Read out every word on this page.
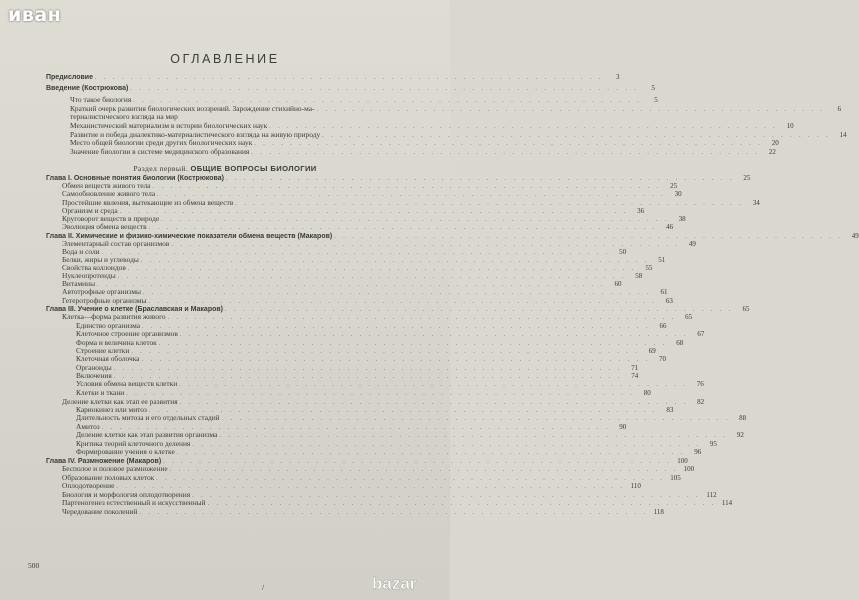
иван
ОГЛАВЛЕНИЕ
Раздел первый. ОБЩИЕ ВОПРОСЫ БИОЛОГИИ
Предисловие . . . . . . . . . . . . . . . . . . . . . . . . . . . . . . . . . . . . . . . . . . . . . . . . . . . . . . . . .	3
Введение (Кострюкова) . . . . . . . . . . . . . . . . . . . . . . . . . . . . . . . . . . . . . . . . . . . . . . . . . . . . . . . . .	5
Что такое биология . . . . . . . . . . . . . . . . . . . . . . . . . . . . . . . . . . . . . . . . . . . . . . . . . . . . . . . . .	5
Краткий очерк развития биологических воззрений. Зарождение стихийно-ма- . . . . . . . . . . . . . . . . . . . . . . . . . . . . . . . . . . . . . . . . . . . . . . . . . . . . . . . . .	6
териалистического взгляда на мир
Механистический материализм в истории биологических наук . . . . . . . . . . . . . . . . . . . . . . . . . . . . . . . . . . . . . . . . . . . . . . . . . . . . . . . . .	10
Развитие и победа диалектико-материалистического взгляда на живую природу . . . . . . . . . . . . . . . . . . . . . . . . . . . . . . . . . . . . . . . . . . . . . . . . . . . . . . . . .	14
Место общей биологии среди других биологических наук . . . . . . . . . . . . . . . . . . . . . . . . . . . . . . . . . . . . . . . . . . . . . . . . . . . . . . . . .	20
Значение биологии в системе медицинского образования . . . . . . . . . . . . . . . . . . . . . . . . . . . . . . . . . . . . . . . . . . . . . . . . . . . . . . . . .	22
Глава I. Основные понятия биологии (Кострюкова) . . . . . . . . . . . . . . . . . . . . . . . . . . . . . . . . . . . . . . . . . . . . . . . . . . . . . . . . .	25
Обмен веществ живого тела . . . . . . . . . . . . . . . . . . . . . . . . . . . . . . . . . . . . . . . . . . . . . . . . . . . . . . . . .	25
Самообновление живого тела . . . . . . . . . . . . . . . . . . . . . . . . . . . . . . . . . . . . . . . . . . . . . . . . . . . . . . . . .	30
Простейшие явления, вытекающие из обмена веществ . . . . . . . . . . . . . . . . . . . . . . . . . . . . . . . . . . . . . . . . . . . . . . . . . . . . . . . . .	34
Организм и среда . . . . . . . . . . . . . . . . . . . . . . . . . . . . . . . . . . . . . . . . . . . . . . . . . . . . . . . . .	36
Круговорот веществ в природе . . . . . . . . . . . . . . . . . . . . . . . . . . . . . . . . . . . . . . . . . . . . . . . . . . . . . . . . .	38
Эволюция обмена веществ . . . . . . . . . . . . . . . . . . . . . . . . . . . . . . . . . . . . . . . . . . . . . . . . . . . . . . . . .	46
Глава II. Химические и физико-химические показатели обмена веществ (Макаров) . . . . . . . . . . . . . . . . . . . . . . . . . . . . . . . . . . . . . . . . . . . . . . . . . . . . . . . . .	49
Элементарный состав организмов . . . . . . . . . . . . . . . . . . . . . . . . . . . . . . . . . . . . . . . . . . . . . . . . . . . . . . . . .	49
Вода и соли . . . . . . . . . . . . . . . . . . . . . . . . . . . . . . . . . . . . . . . . . . . . . . . . . . . . . . . . .	50
Белки, жиры и углеводы . . . . . . . . . . . . . . . . . . . . . . . . . . . . . . . . . . . . . . . . . . . . . . . . . . . . . . . . .	51
Свойства коллоидов . . . . . . . . . . . . . . . . . . . . . . . . . . . . . . . . . . . . . . . . . . . . . . . . . . . . . . . . .	55
Нуклеопротеиды . . . . . . . . . . . . . . . . . . . . . . . . . . . . . . . . . . . . . . . . . . . . . . . . . . . . . . . . .	58
Витамины . . . . . . . . . . . . . . . . . . . . . . . . . . . . . . . . . . . . . . . . . . . . . . . . . . . . . . . . .	60
Автотрофные организмы . . . . . . . . . . . . . . . . . . . . . . . . . . . . . . . . . . . . . . . . . . . . . . . . . . . . . . . . .	61
Гетеротрофные организмы . . . . . . . . . . . . . . . . . . . . . . . . . . . . . . . . . . . . . . . . . . . . . . . . . . . . . . . . .	63
Глава III. Учение о клетке (Браславская и Макаров) . . . . . . . . . . . . . . . . . . . . . . . . . . . . . . . . . . . . . . . . . . . . . . . . . . . . . . . . .	65
Клетка—форма развития живого . . . . . . . . . . . . . . . . . . . . . . . . . . . . . . . . . . . . . . . . . . . . . . . . . . . . . . . . .	65
Единство организма . . . . . . . . . . . . . . . . . . . . . . . . . . . . . . . . . . . . . . . . . . . . . . . . . . . . . . . . .	66
Клеточное строение организмов . . . . . . . . . . . . . . . . . . . . . . . . . . . . . . . . . . . . . . . . . . . . . . . . . . . . . . . . .	67
Форма и величина клеток . . . . . . . . . . . . . . . . . . . . . . . . . . . . . . . . . . . . . . . . . . . . . . . . . . . . . . . . .	68
Строение клетки . . . . . . . . . . . . . . . . . . . . . . . . . . . . . . . . . . . . . . . . . . . . . . . . . . . . . . . . .	69
Клеточная оболочка . . . . . . . . . . . . . . . . . . . . . . . . . . . . . . . . . . . . . . . . . . . . . . . . . . . . . . . . .	70
Органоиды . . . . . . . . . . . . . . . . . . . . . . . . . . . . . . . . . . . . . . . . . . . . . . . . . . . . . . . . .	71
Включения . . . . . . . . . . . . . . . . . . . . . . . . . . . . . . . . . . . . . . . . . . . . . . . . . . . . . . . . .	74
Условия обмена веществ клетки . . . . . . . . . . . . . . . . . . . . . . . . . . . . . . . . . . . . . . . . . . . . . . . . . . . . . . . . .	76
Клетки и ткани . . . . . . . . . . . . . . . . . . . . . . . . . . . . . . . . . . . . . . . . . . . . . . . . . . . . . . . . .	80
Деление клетки как этап ее развития . . . . . . . . . . . . . . . . . . . . . . . . . . . . . . . . . . . . . . . . . . . . . . . . . . . . . . . . .	82
Кариокинез или митоз . . . . . . . . . . . . . . . . . . . . . . . . . . . . . . . . . . . . . . . . . . . . . . . . . . . . . . . . .	83
Длительность митоза и его отдельных стадий . . . . . . . . . . . . . . . . . . . . . . . . . . . . . . . . . . . . . . . . . . . . . . . . . . . . . . . . .	88
Амитоз . . . . . . . . . . . . . . . . . . . . . . . . . . . . . . . . . . . . . . . . . . . . . . . . . . . . . . . . .	90
Деление клетки как этап развития организма . . . . . . . . . . . . . . . . . . . . . . . . . . . . . . . . . . . . . . . . . . . . . . . . . . . . . . . . .	92
Критика теорий клеточного деления . . . . . . . . . . . . . . . . . . . . . . . . . . . . . . . . . . . . . . . . . . . . . . . . . . . . . . . . .	95
Формирование учения о клетке . . . . . . . . . . . . . . . . . . . . . . . . . . . . . . . . . . . . . . . . . . . . . . . . . . . . . . . . .	96
Глава IV. Размножение (Макаров) . . . . . . . . . . . . . . . . . . . . . . . . . . . . . . . . . . . . . . . . . . . . . . . . . . . . . . . . . 100
Бесполое и половое размножение . . . . . . . . . . . . . . . . . . . . . . . . . . . . . . . . . . . . . . . . . . . . . . . . . . . . . . . . . 100
Образование половых клеток . . . . . . . . . . . . . . . . . . . . . . . . . . . . . . . . . . . . . . . . . . . . . . . . . . . . . . . . . 105
Оплодотворение . . . . . . . . . . . . . . . . . . . . . . . . . . . . . . . . . . . . . . . . . . . . . . . . . . . . . . . . . 110
Биология и морфология оплодотворения . . . . . . . . . . . . . . . . . . . . . . . . . . . . . . . . . . . . . . . . . . . . . . . . . . . . . . . . . 112
Партеногенез естественный и искусственный . . . . . . . . . . . . . . . . . . . . . . . . . . . . . . . . . . . . . . . . . . . . . . . . . . . . . . . . . 114
Чередование поколений . . . . . . . . . . . . . . . . . . . . . . . . . . . . . . . . . . . . . . . . . . . . . . . . . . . . . . . . . 118
500
/	bazar
